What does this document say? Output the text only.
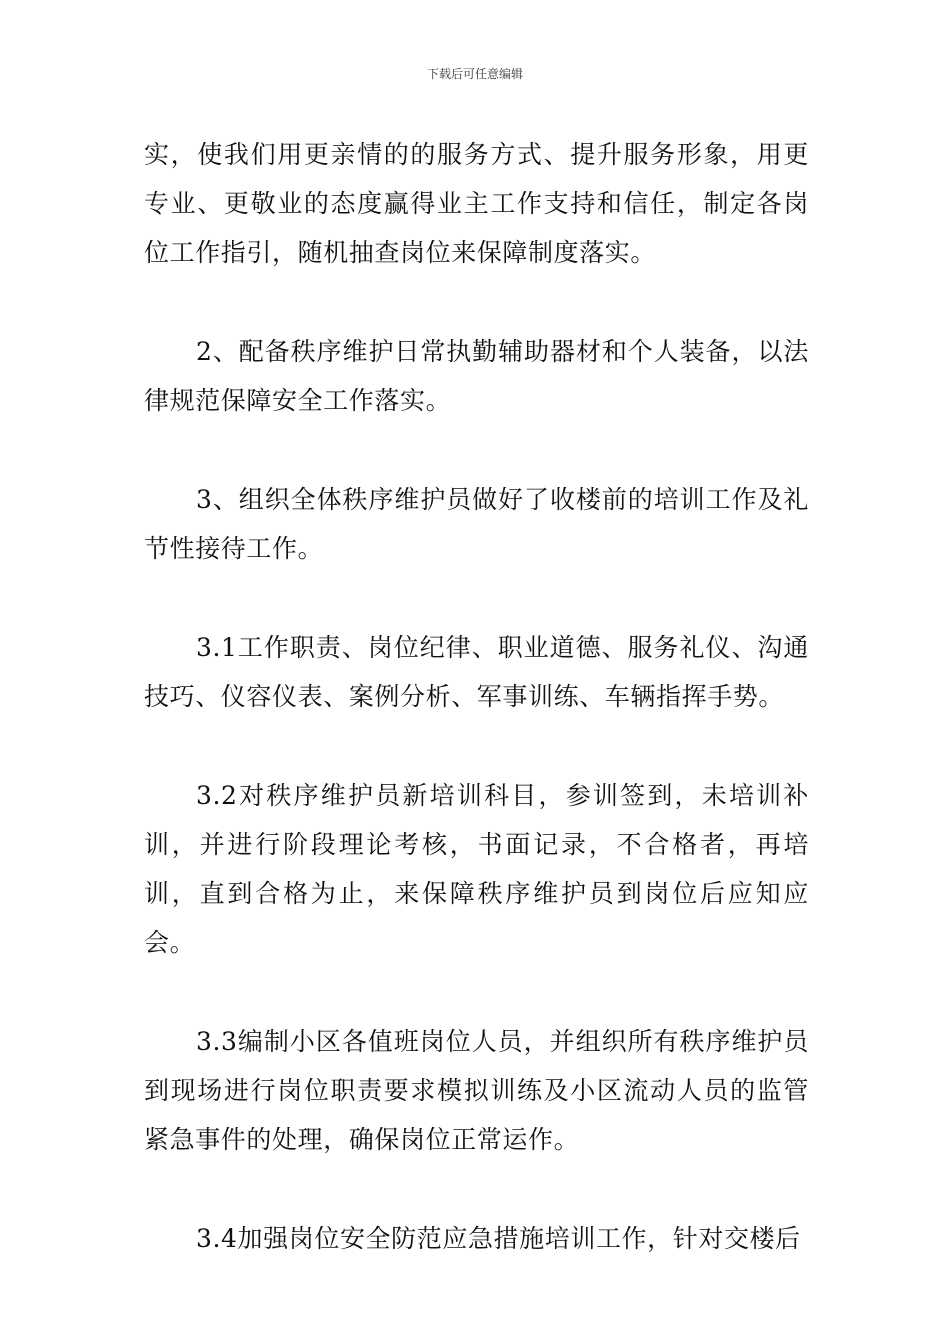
下载后可任意编辑

实，使我们用更亲情的的服务方式、提升服务形象，用更专业、更敬业的态度赢得业主工作支持和信任，制定各岗位工作指引，随机抽查岗位来保障制度落实。

2、配备秩序维护日常执勤辅助器材和个人装备，以法律规范保障安全工作落实。

3、组织全体秩序维护员做好了收楼前的培训工作及礼节性接待工作。

3.1工作职责、岗位纪律、职业道德、服务礼仪、沟通技巧、仪容仪表、案例分析、军事训练、车辆指挥手势。

3.2对秩序维护员新培训科目，参训签到，未培训补训，并进行阶段理论考核，书面记录，不合格者，再培训，直到合格为止，来保障秩序维护员到岗位后应知应会。

3.3编制小区各值班岗位人员，并组织所有秩序维护员到现场进行岗位职责要求模拟训练及小区流动人员的监管紧急事件的处理，确保岗位正常运作。

3.4加强岗位安全防范应急措施培训工作，针对交楼后
